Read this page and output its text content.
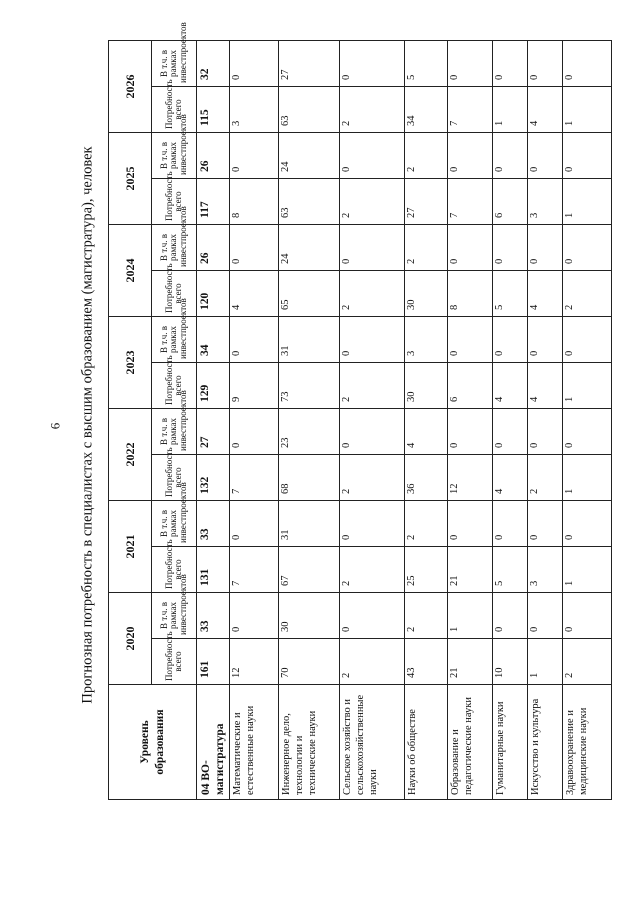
6 Прогнозная потребность в специалистах с высшим образованием (магистратура), человек
Уровень образования	2020		2021		2022		2023		2024		2025		2026	
	Потребность всего	В т.ч. в рамках инвестпроектов	Потребность всего	В т.ч. в рамках инвестпроектов	Потребность всего	В т.ч. в рамках инвестпроектов	Потребность всего	В т.ч. в рамках инвестпроектов	Потребность всего	В т.ч. в рамках инвестпроектов	Потребность всего	В т.ч. в рамках инвестпроектов	Потребность всего	В т.ч. в рамках инвестпроектов
04 ВО-магистратура	161	33	131	33	132	27	129	34	120	26	117	26	115	32
Математические и естественные науки	12	0	7	0	7	0	9	0	4	0	8	0	3	0
Инженерное дело, технологии и технические науки	70	30	67	31	68	23	73	31	65	24	63	24	63	27
Сельское хозяйство и сельскохозяйственные науки	2	0	2	0	2	0	2	0	2	0	2	0	2	0
Науки об обществе	43	2	25	2	36	4	30	3	30	2	27	2	34	5
Образование и педагогические науки	21	1	21	0	12	0	6	0	8	0	7	0	7	0
Гуманитарные науки	10	0	5	0	4	0	4	0	5	0	6	0	1	0
Искусство и культура	1	0	3	0	2	0	4	0	4	0	3	0	4	0
Здравоохранение и медицинские науки	2	0	1	0	1	0	1	0	2	0	1	0	1	0
